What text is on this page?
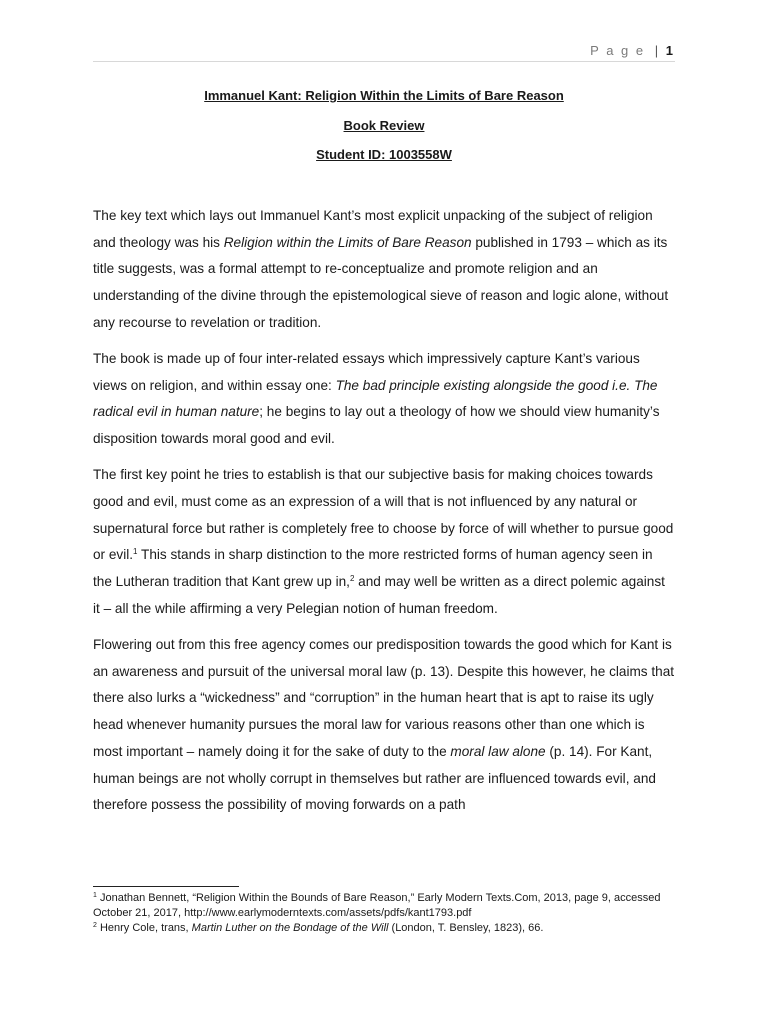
P a g e | 1
Immanuel Kant: Religion Within the Limits of Bare Reason
Book Review
Student ID: 1003558W

The key text which lays out Immanuel Kant’s most explicit unpacking of the subject of religion and theology was his Religion within the Limits of Bare Reason published in 1793 – which as its title suggests, was a formal attempt to re-conceptualize and promote religion and an understanding of the divine through the epistemological sieve of reason and logic alone, without any recourse to revelation or tradition.

The book is made up of four inter-related essays which impressively capture Kant’s various views on religion, and within essay one: The bad principle existing alongside the good i.e. The radical evil in human nature; he begins to lay out a theology of how we should view humanity’s disposition towards moral good and evil.

The first key point he tries to establish is that our subjective basis for making choices towards good and evil, must come as an expression of a will that is not influenced by any natural or supernatural force but rather is completely free to choose by force of will whether to pursue good or evil.$^1$ This stands in sharp distinction to the more restricted forms of human agency seen in the Lutheran tradition that Kant grew up in,$^2$ and may well be written as a direct polemic against it – all the while affirming a very Pelegian notion of human freedom.

Flowering out from this free agency comes our predisposition towards the good which for Kant is an awareness and pursuit of the universal moral law (p. 13). Despite this however, he claims that there also lurks a “wickedness” and “corruption” in the human heart that is apt to raise its ugly head whenever humanity pursues the moral law for various reasons other than one which is most important – namely doing it for the sake of duty to the moral law alone (p. 14). For Kant, human beings are not wholly corrupt in themselves but rather are influenced towards evil, and therefore possess the possibility of moving forwards on a path

$^1$ Jonathan Bennett, “Religion Within the Bounds of Bare Reason,” Early Modern Texts.Com, 2013, page 9, accessed October 21, 2017, http://www.earlymoderntexts.com/assets/pdfs/kant1793.pdf

$^2$ Henry Cole, trans, Martin Luther on the Bondage of the Will (London, T. Bensley, 1823), 66.
